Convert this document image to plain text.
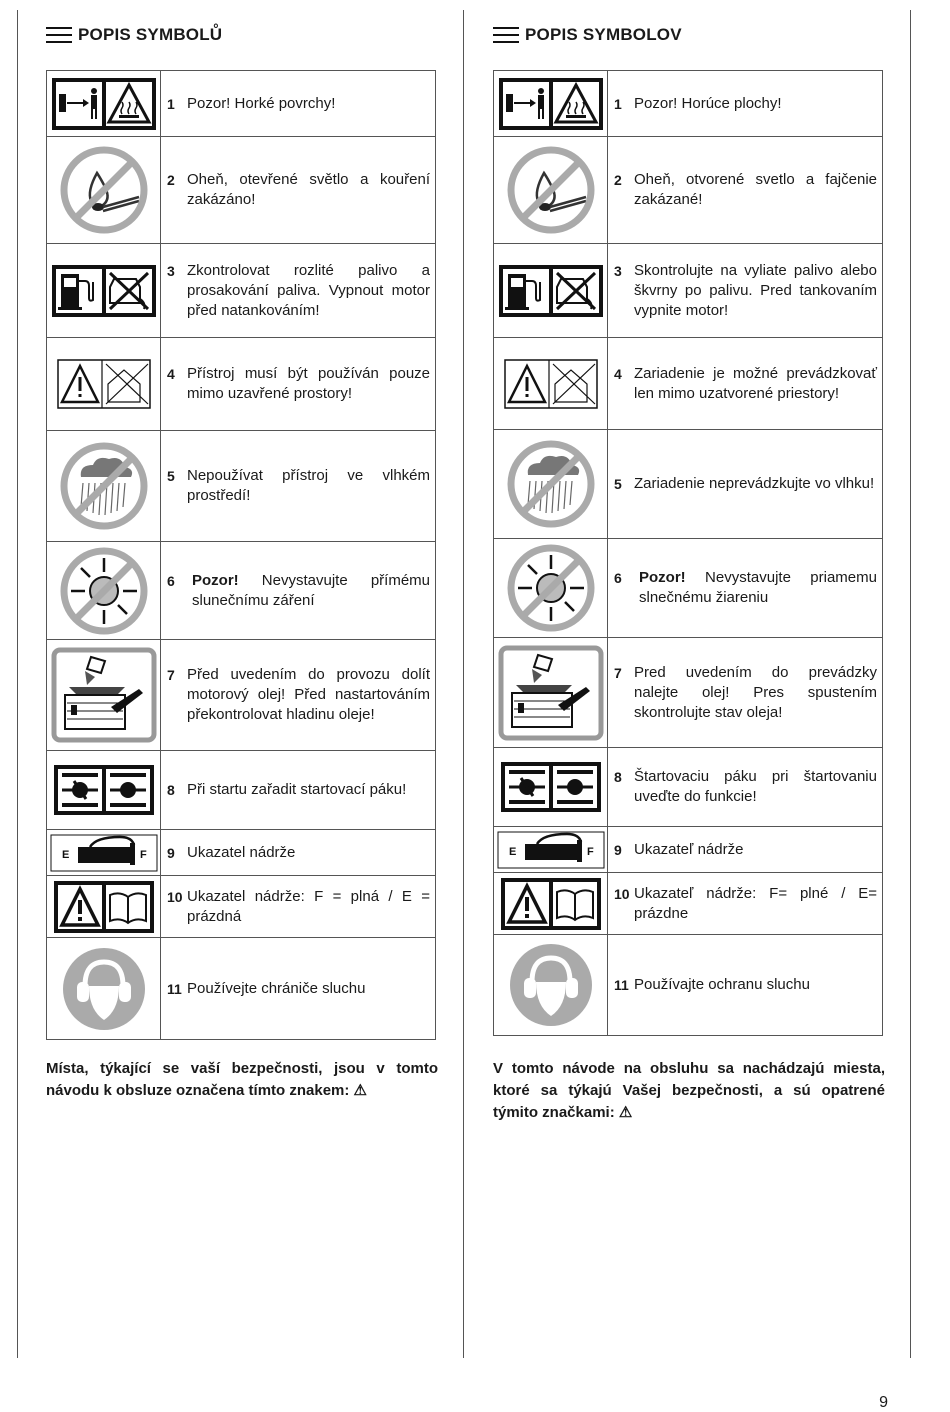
POPIS SYMBOLŮ

1 Pozor! Horké povrchy!

2 Oheň, otevřené světlo a kouření zakázáno!

3 Zkontrolovat rozlité palivo a prosakování paliva. Vypnout motor před natankováním!

4 Přístroj musí být používán pouze mimo uzavřené prostory!

5 Nepoužívat přístroj ve vlhkém prostředí!

6 Pozor! Nevystavujte přímému slunečnímu záření

7 Před uvedením do provozu dolít motorový olej! Před nastartováním překontrolovat hladinu oleje!

8 Při startu zařadit startovací páku!

E F	9 Ukazatel nádrže

10 Ukazatel nádrže: F = plná / E = prázdná

11 Používejte chrániče sluchu
Místa, týkající se vaší bezpečnosti, jsou v tomto návodu k obsluze označena tímto znakem: ⚠
POPIS SYMBOLOV

1 Pozor! Horúce plochy!

2 Oheň, otvorené svetlo a fajčenie zakázané!

3 Skontrolujte na vyliate palivo alebo škvrny po palivu. Pred tankovaním vypnite motor!

4 Zariadenie je možné prevádzkovať len mimo uzatvorené priestory!

5 Zariadenie neprevádzkujte vo vlhku!

6 Pozor! Nevystavujte priamemu slnečnému žiareniu

7 Pred uvedením do prevádzky nalejte olej! Pres spustením skontrolujte stav oleja!

8 Štartovaciu páku pri štartovaniu uveďte do funkcie!

E F	9 Ukazateľ nádrže

10 Ukazateľ nádrže: F= plné / E= prázdne

11 Používajte ochranu sluchu
V tomto návode na obsluhu sa nachádzajú miesta, ktoré sa týkajú Vašej bezpečnosti, a sú opatrené týmito značkami: ⚠
9
